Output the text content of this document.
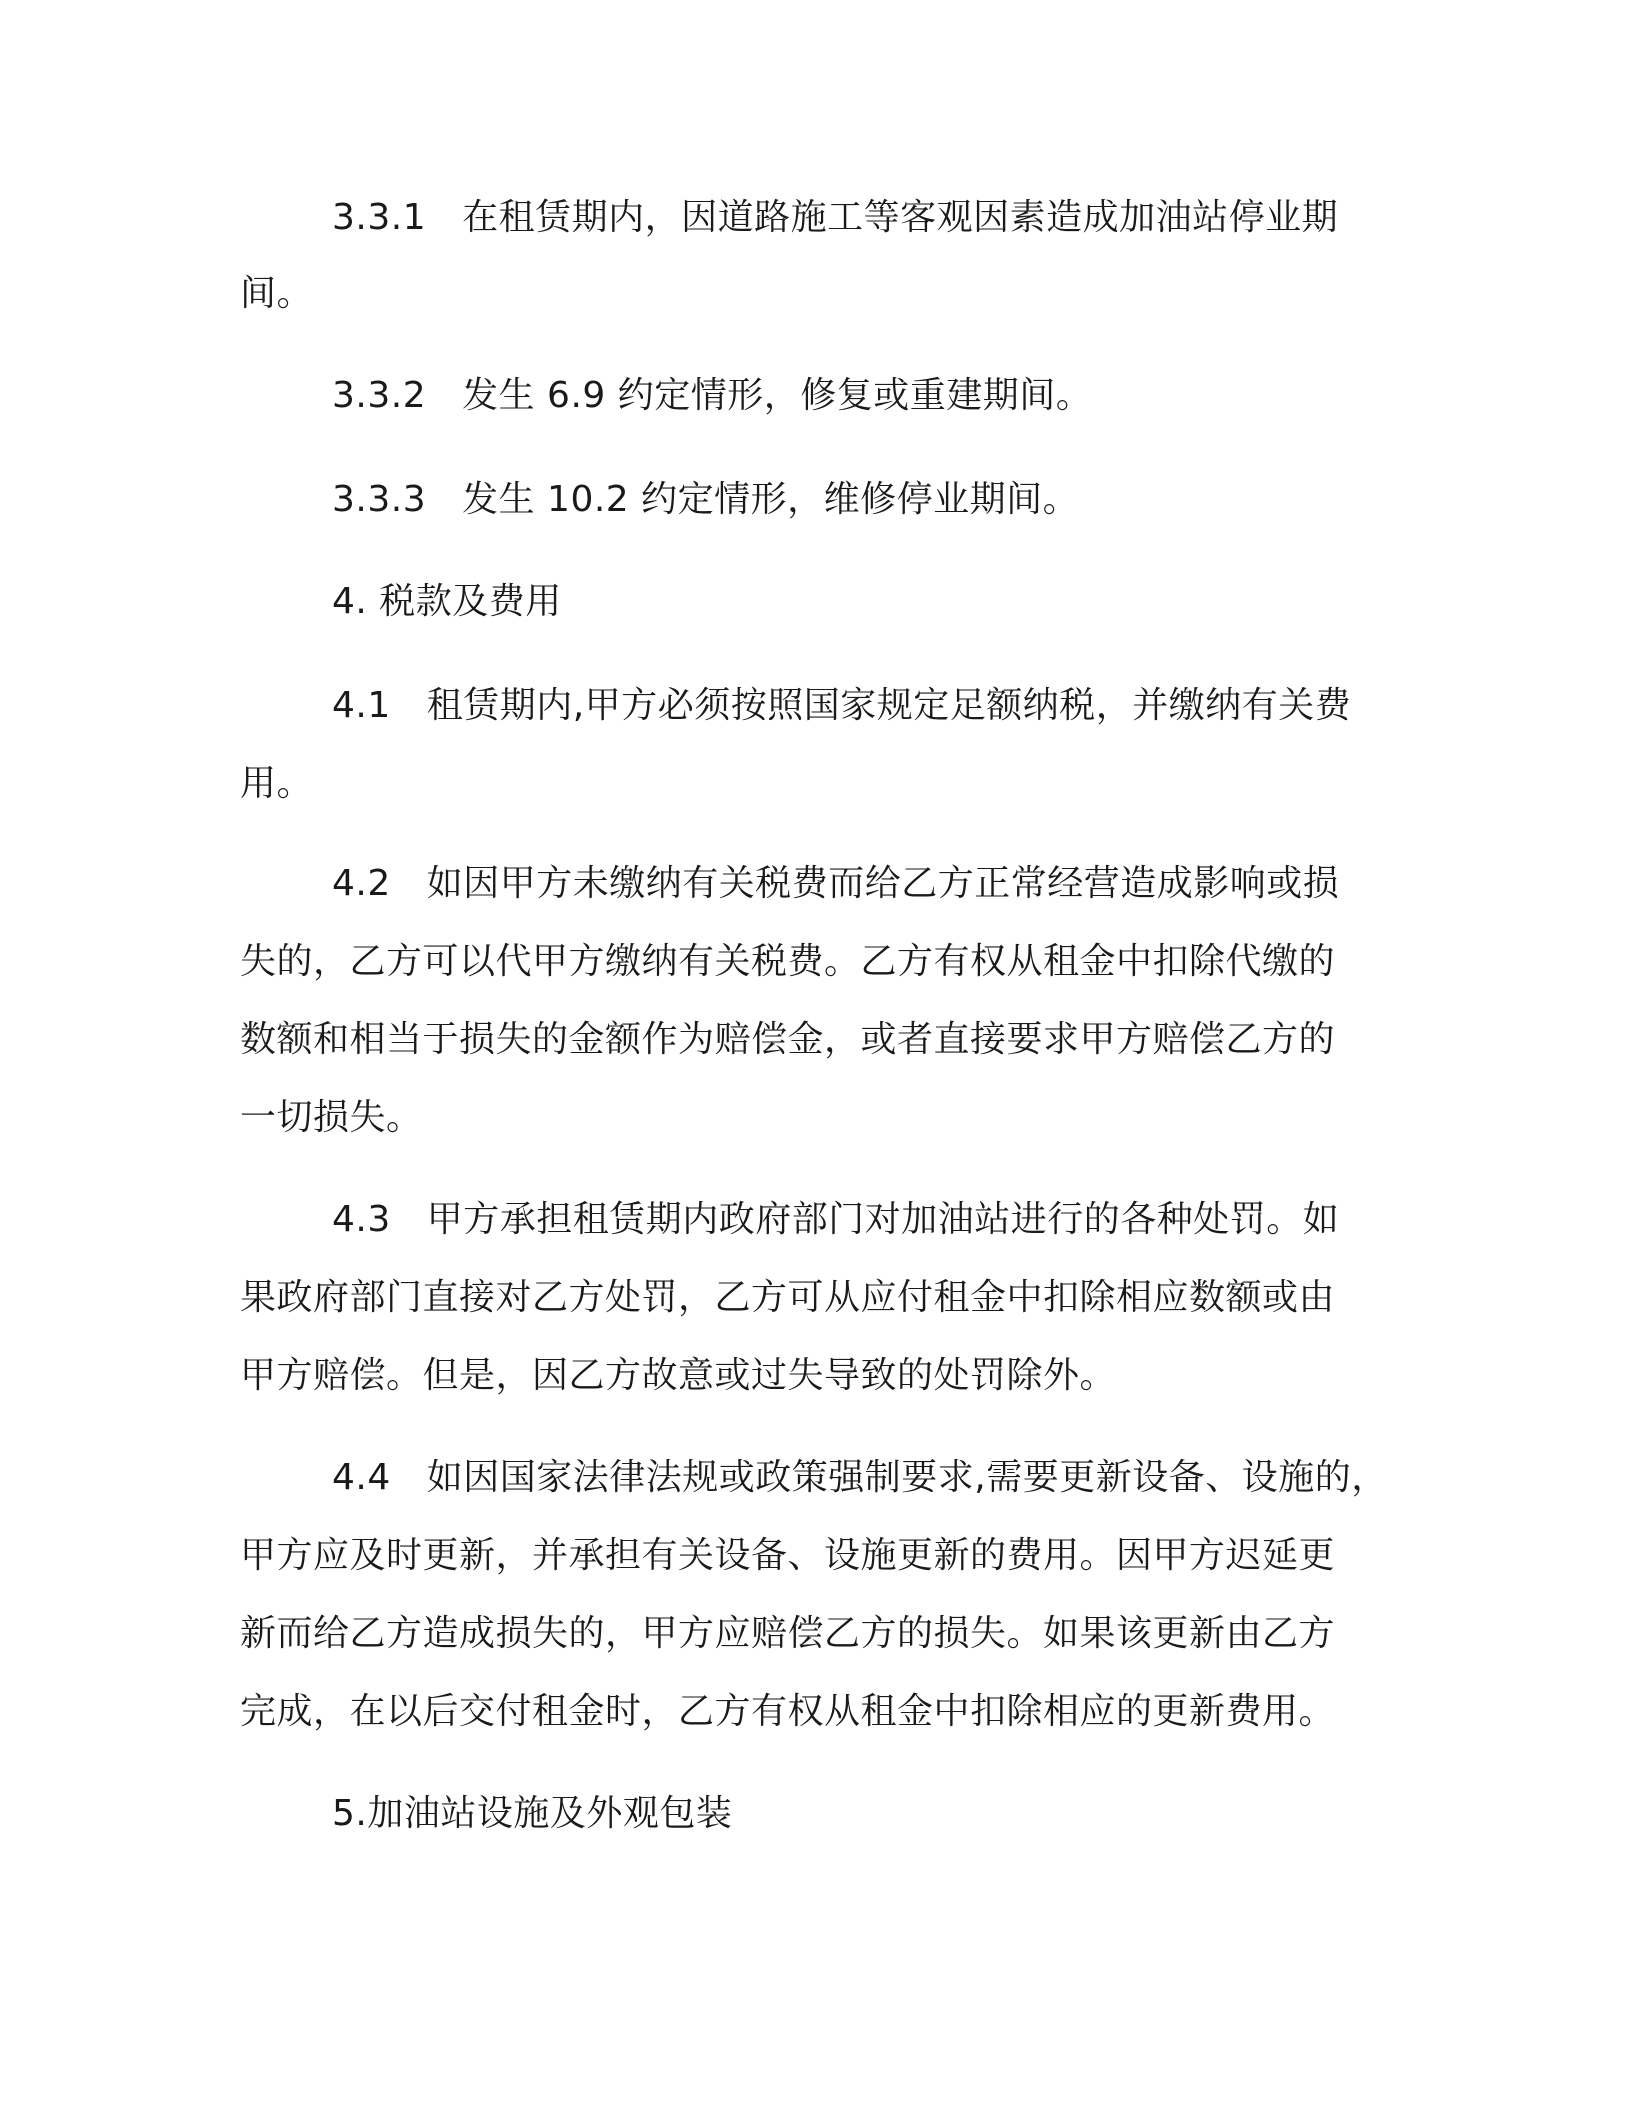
3.3.1 在租赁期内，因道路施工等客观因素造成加油站停业期
间。
3.3.2 发生 6.9 约定情形，修复或重建期间。
3.3.3 发生 10.2 约定情形，维修停业期间。
4. 税款及费用
4.1 租赁期内,甲方必须按照国家规定足额纳税，并缴纳有关费
用。
4.2 如因甲方未缴纳有关税费而给乙方正常经营造成影响或损
失的，乙方可以代甲方缴纳有关税费。乙方有权从租金中扣除代缴的
数额和相当于损失的金额作为赔偿金，或者直接要求甲方赔偿乙方的
一切损失。
4.3 甲方承担租赁期内政府部门对加油站进行的各种处罚。如
果政府部门直接对乙方处罚，乙方可从应付租金中扣除相应数额或由
甲方赔偿。但是，因乙方故意或过失导致的处罚除外。
4.4 如因国家法律法规或政策强制要求,需要更新设备、设施的，
甲方应及时更新，并承担有关设备、设施更新的费用。因甲方迟延更
新而给乙方造成损失的，甲方应赔偿乙方的损失。如果该更新由乙方
完成，在以后交付租金时，乙方有权从租金中扣除相应的更新费用。
5.加油站设施及外观包装
